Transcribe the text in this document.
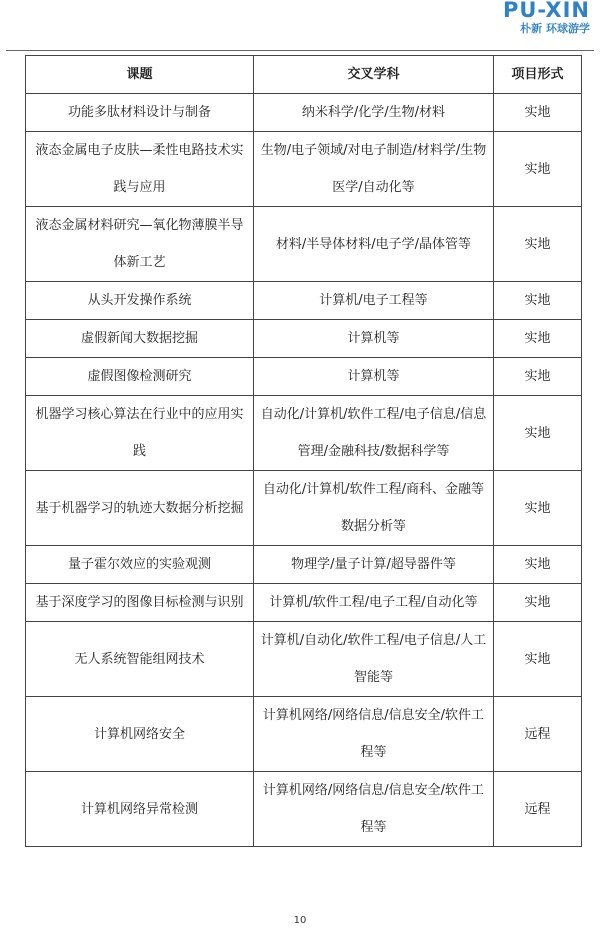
PU-XIN
朴新 环球游学
课题	交叉学科	项目形式
功能多肽材料设计与制备	纳米科学/化学/生物/材料	实地
液态金属电子皮肤—柔性电路技术实践与应用	生物/电子领域/对电子制造/材料学/生物医学/自动化等	实地
液态金属材料研究—氧化物薄膜半导体新工艺	材料/半导体材料/电子学/晶体管等	实地
从头开发操作系统	计算机/电子工程等	实地
虚假新闻大数据挖掘	计算机等	实地
虚假图像检测研究	计算机等	实地
机器学习核心算法在行业中的应用实践	自动化/计算机/软件工程/电子信息/信息管理/金融科技/数据科学等	实地
基于机器学习的轨迹大数据分析挖掘	自动化/计算机/软件工程/商科、金融等数据分析等	实地
量子霍尔效应的实验观测	物理学/量子计算/超导器件等	实地
基于深度学习的图像目标检测与识别	计算机/软件工程/电子工程/自动化等	实地
无人系统智能组网技术	计算机/自动化/软件工程/电子信息/人工智能等	实地
计算机网络安全	计算机网络/网络信息/信息安全/软件工程等	远程
计算机网络异常检测	计算机网络/网络信息/信息安全/软件工程等	远程
10
